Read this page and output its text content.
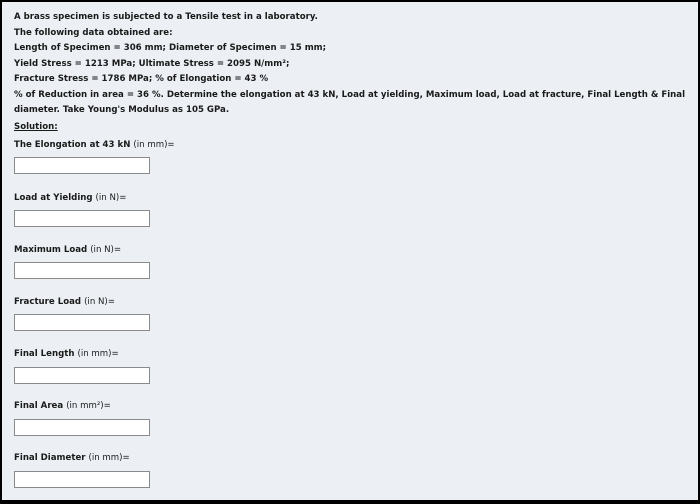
A brass specimen is subjected to a Tensile test in a laboratory.

The following data obtained are:

Length of Specimen = 306 mm; Diameter of Specimen = 15 mm;

Yield Stress = 1213 MPa; Ultimate Stress = 2095 N/mm²;

Fracture Stress = 1786 MPa; % of Elongation = 43 %

% of Reduction in area = 36 %. Determine the elongation at 43 kN, Load at yielding, Maximum load, Load at fracture, Final Length & Final diameter. Take Young's Modulus as 105 GPa.

Solution:
The Elongation at 43 kN (in mm)=
Load at Yielding (in N)=
Maximum Load (in N)=
Fracture Load (in N)=
Final Length (in mm)=
Final Area (in mm²)=
Final Diameter (in mm)=
